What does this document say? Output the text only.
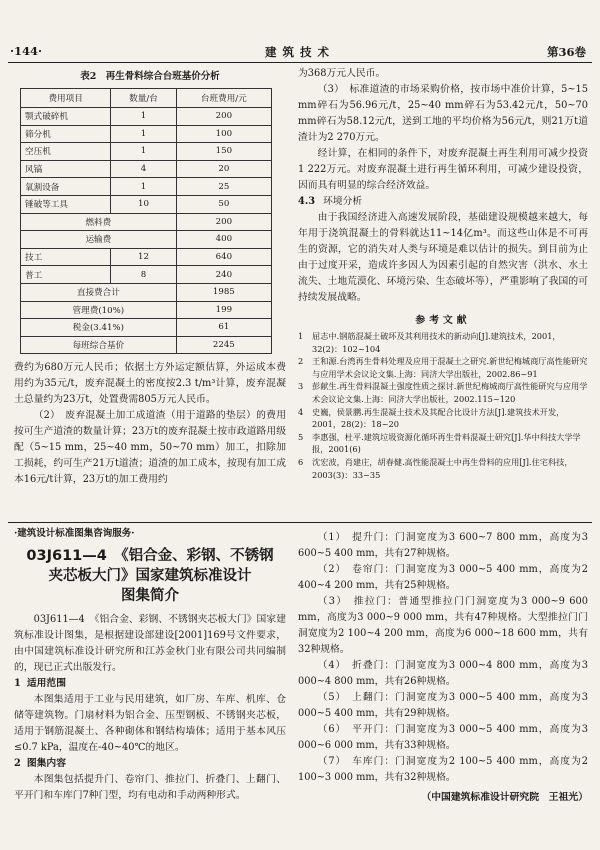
·144·	建筑技术	第36卷
表2　再生骨料综合台班基价分析
费用项目	数量/台	台班费用/元
颚式破碎机	1	200
筛分机	1	100
空压机	1	150
风镐	4	20
氧割设备	1	25
锤破等工具	10	50
燃料费		200
运输费		400
技工	12	640
普工	8	240
直接费合计		1985
管理费(10%)		199
税金(3.41%)		61
每班综合基价		2245

费约为680万元人民币；依据土方外运定额估算，外运成本费用约为35元/t，废弃混凝土的密度按2.3 t/m³计算，废弃混凝土总量约为23万t，处置费需805万元人民币。

（2）　废弃混凝土加工成道渣（用于道路的垫层）的费用按可生产道渣的数量计算；23万t的废弃混凝土按市政道路用级配（5~15 mm，25~40 mm，50~70 mm）加工，扣除加工损耗，约可生产21万t道渣；道渣的加工成本，按现有加工成本16元/t计算，23万t的加工费用约

为368万元人民币。

（3）　标准道渣的市场采购价格，按市场中准价计算，5~15 mm碎石为56.96元/t，25~40 mm碎石为53.42元/t，50~70 mm碎石为58.12元/t，送到工地的平均价格为56元/t，则21万t道渣计为2 270万元。

经计算，在相同的条件下，对废弃混凝土再生利用可减少投资1 222万元。对废弃混凝土进行再生循环利用，可减少建设投资，因而具有明显的综合经济效益。

4.3 环境分析

由于我国经济进入高速发展阶段，基础建设规模越来越大，每年用于浇筑混凝土的骨料就达11~14亿m³。而这些山体是不可再生的资源，它的消失对人类与环境是难以估计的损失。到目前为止由于过度开采，造成许多因人为因素引起的自然灾害（洪水、水土流失、土地荒漠化、环境污染、生态破坏等），严重影响了我国的可持续发展战略。

参考文献

1 屈志中.钢筋混凝土破坏及其利用技术的新动向[J].建筑技术，2001，32(2)：102~104

2 王和源.台湾再生骨料处理及应用于混凝土之研究.新世纪梅城商厅高性能研究与应用学术会议论文集.上海：同济大学出版社，2002.86~91

3 彭献生.再生骨料混凝土强度性质之探讨.新世纪梅城商厅高性能研究与应用学术会议论文集.上海：同济大学出版社，2002.115~120

4 史巍，侯景鹏.再生混凝土技术及其配合比设计方法[J].建筑技术开发，2001，28(2)：18~20

5 李惠强，杜平.建筑垃圾资源化循环再生骨料混凝土研究[J].华中科技大学学报，2001(6)

6 沈宏波，肖建庄，胡春健.高性能混凝土中再生骨料的应用[J].住宅科技，2003(3)：33~35

·建筑设计标准图集咨询服务·
03J611—4　《铝合金、彩钢、不锈钢
夹芯板大门》国家建筑标准设计
图集简介

03J611—4　《铝合金、彩钢、不锈钢夹芯板大门》国家建筑标准设计图集，是根据建设部建设[2001]169号文件要求，由中国建筑标准设计研究所和江苏金秋门业有限公司共同编制的，现已正式出版发行。

1 适用范围

本图集适用于工业与民用建筑，如厂房、车库、机库、仓储等建筑物。门扇材料为铝合金、压型钢板、不锈钢夹芯板，适用于钢筋混凝土、各种砌体和钢结构墙体；适用于基本风压≤0.7 kPa，温度在-40~40℃的地区。

2 图集内容

本图集包括提升门、卷帘门、推拉门、折叠门、上翻门、平开门和车库门7种门型，均有电动和手动两种形式。

（1）　提升门：门洞宽度为3 600~7 800 mm，高度为3 600~5 400 mm，共有27种规格。

（2）　卷帘门：门洞宽度为3 000~5 400 mm，高度为2 400~4 200 mm，共有25种规格。

（3）　推拉门：普通型推拉门门洞宽度为3 000~9 600 mm，高度为3 000~9 000 mm，共有47种规格。大型推拉门门洞宽度为2 100~4 200 mm，高度为6 000~18 600 mm，共有32种规格。

（4）　折叠门：门洞宽度为3 000~4 800 mm，高度为3 000~4 800 mm，共有26种规格。

（5）　上翻门：门洞宽度为3 000~5 400 mm，高度为3 000~5 400 mm，共有29种规格。

（6）　平开门：门洞宽度为3 000~5 400 mm，高度为3 000~6 000 mm，共有33种规格。

（7）　车库门：门洞宽度为2 100~5 400 mm，高度为2 100~3 000 mm，共有32种规格。

（中国建筑标准设计研究院　王祖光）
